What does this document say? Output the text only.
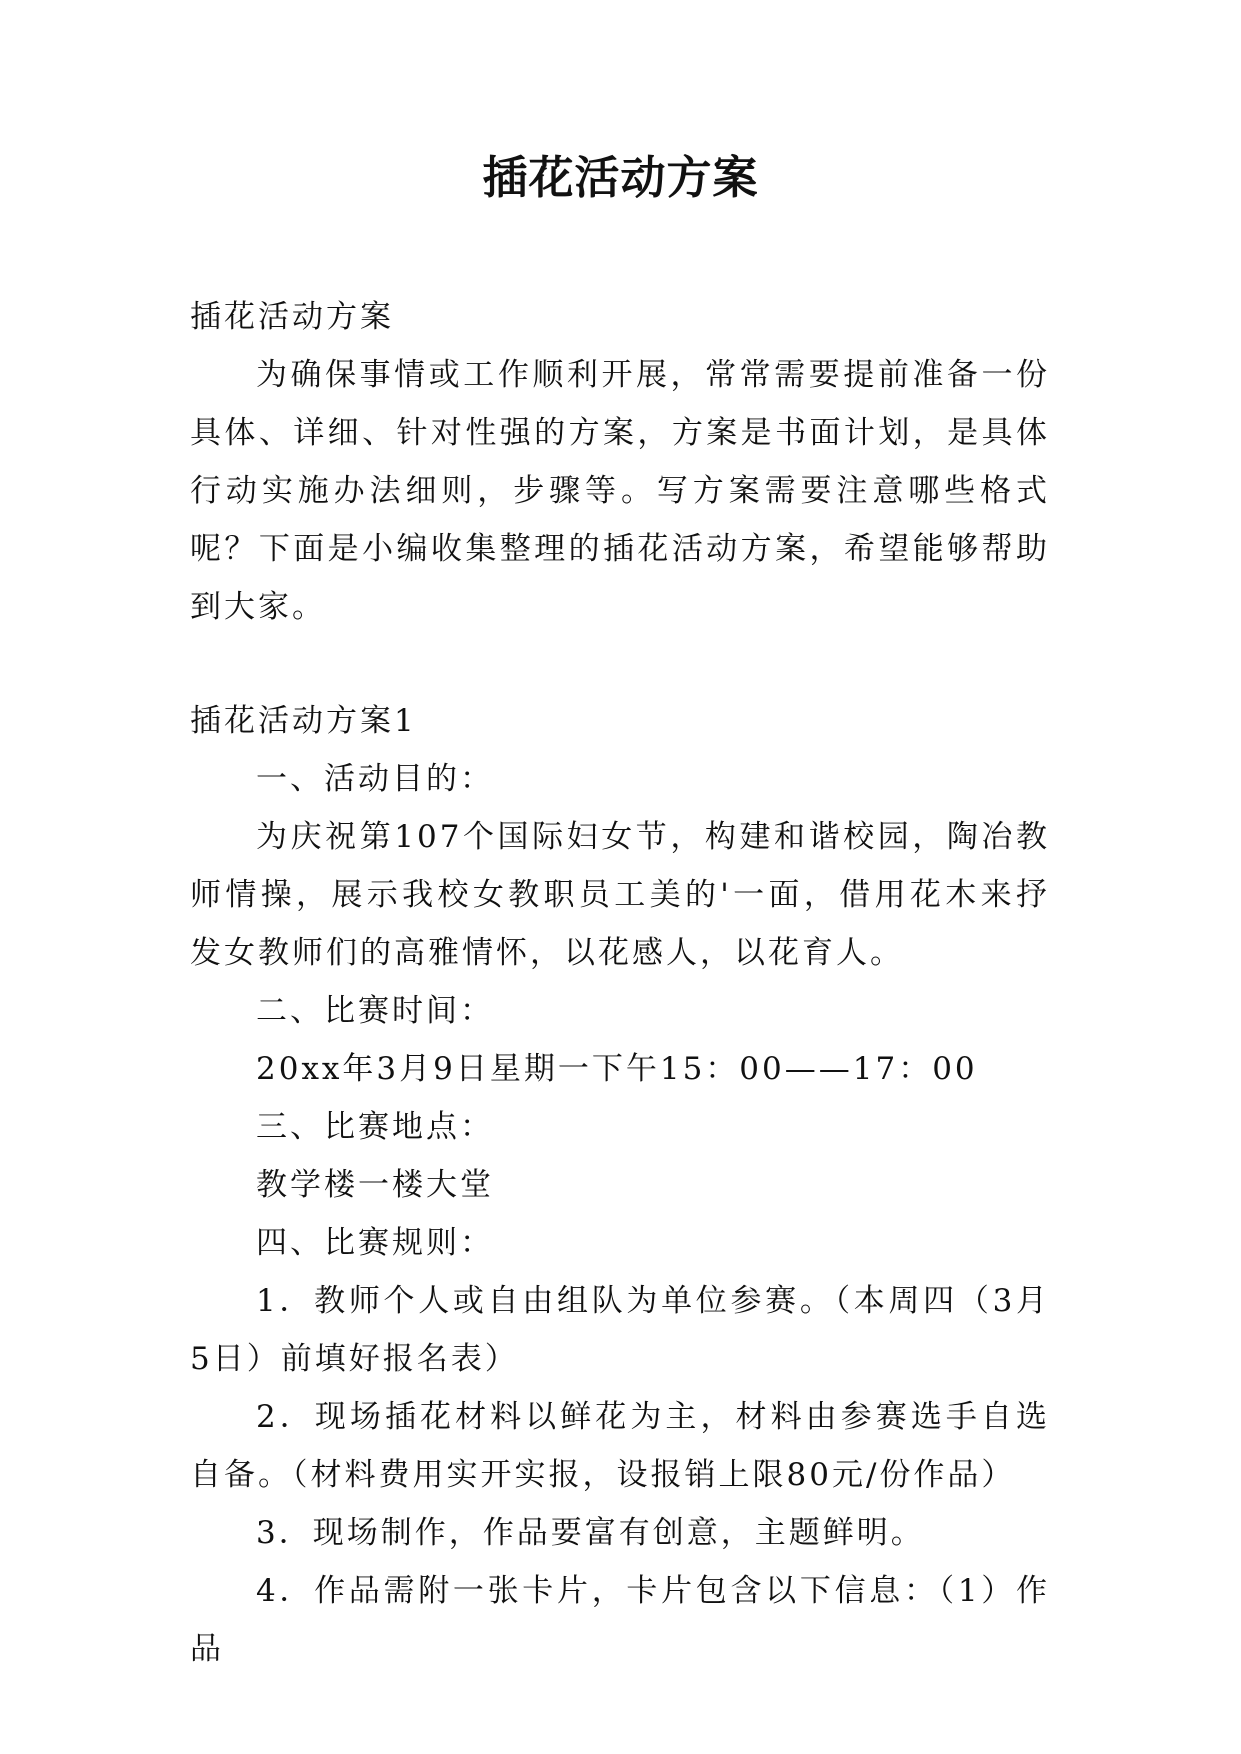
插花活动方案

插花活动方案

为确保事情或工作顺利开展，常常需要提前准备一份具体、详细、针对性强的方案，方案是书面计划，是具体行动实施办法细则，步骤等。写方案需要注意哪些格式呢？下面是小编收集整理的插花活动方案，希望能够帮助到大家。

插花活动方案1

一、活动目的：

为庆祝第107个国际妇女节，构建和谐校园，陶冶教师情操，展示我校女教职员工美的'一面，借用花木来抒发女教师们的高雅情怀，以花感人，以花育人。

二、比赛时间：

20xx年3月9日星期一下午15：00——17：00

三、比赛地点：

教学楼一楼大堂

四、比赛规则：

1．教师个人或自由组队为单位参赛。（本周四（3月5日）前填好报名表）

2．现场插花材料以鲜花为主，材料由参赛选手自选自备。（材料费用实开实报，设报销上限80元/份作品）

3．现场制作，作品要富有创意，主题鲜明。

4．作品需附一张卡片，卡片包含以下信息：（1）作品
